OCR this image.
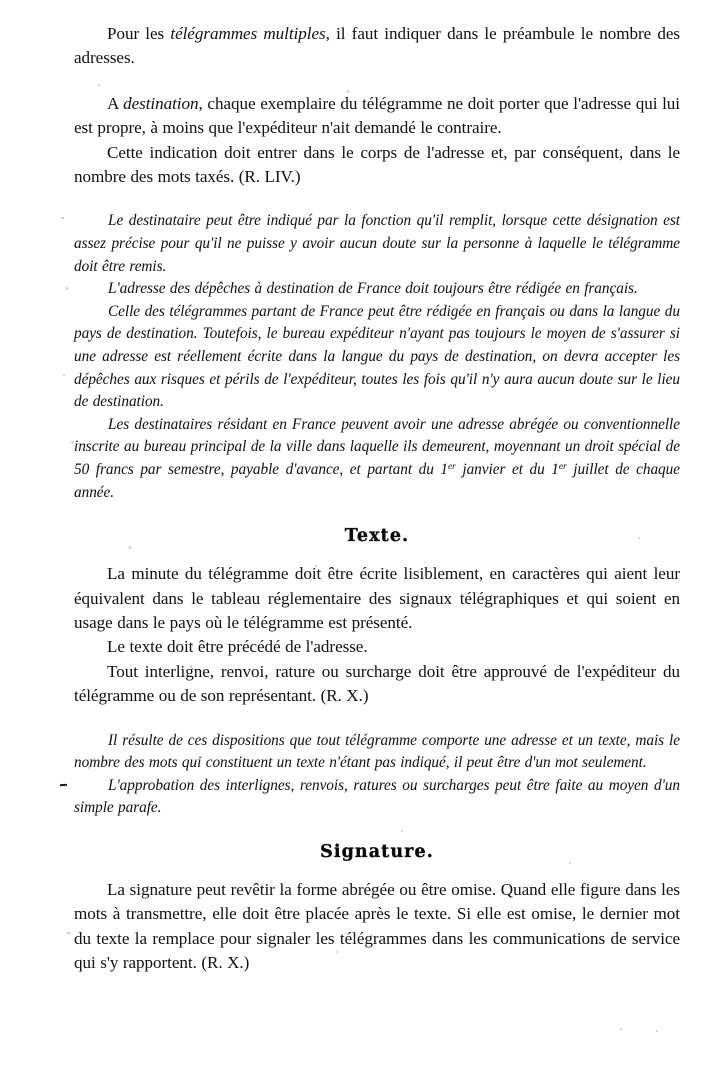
Pour les télégrammes multiples, il faut indiquer dans le préambule le nombre des adresses.

A destination, chaque exemplaire du télégramme ne doit porter que l'adresse qui lui est propre, à moins que l'expéditeur n'ait demandé le contraire.

Cette indication doit entrer dans le corps de l'adresse et, par conséquent, dans le nombre des mots taxés. (R. LIV.)

Le destinataire peut être indiqué par la fonction qu'il remplit, lorsque cette désignation est assez précise pour qu'il ne puisse y avoir aucun doute sur la personne à laquelle le télégramme doit être remis.

L'adresse des dépêches à destination de France doit toujours être rédigée en français.

Celle des télégrammes partant de France peut être rédigée en français ou dans la langue du pays de destination. Toutefois, le bureau expéditeur n'ayant pas toujours le moyen de s'assurer si une adresse est réellement écrite dans la langue du pays de destination, on devra accepter les dépêches aux risques et périls de l'expéditeur, toutes les fois qu'il n'y aura aucun doute sur le lieu de destination.

Les destinataires résidant en France peuvent avoir une adresse abrégée ou conventionnelle inscrite au bureau principal de la ville dans laquelle ils demeurent, moyennant un droit spécial de 50 francs par semestre, payable d'avance, et partant du 1er janvier et du 1er juillet de chaque année.

Texte.

La minute du télégramme doit être écrite lisiblement, en caractères qui aient leur équivalent dans le tableau réglementaire des signaux télégraphiques et qui soient en usage dans le pays où le télégramme est présenté.

Le texte doit être précédé de l'adresse.

Tout interligne, renvoi, rature ou surcharge doit être approuvé de l'expéditeur du télégramme ou de son représentant. (R. X.)

Il résulte de ces dispositions que tout télégramme comporte une adresse et un texte, mais le nombre des mots qui constituent un texte n'étant pas indiqué, il peut être d'un mot seulement.

L'approbation des interlignes, renvois, ratures ou surcharges peut être faite au moyen d'un simple parafe.

Signature.

La signature peut revêtir la forme abrégée ou être omise. Quand elle figure dans les mots à transmettre, elle doit être placée après le texte. Si elle est omise, le dernier mot du texte la remplace pour signaler les télégrammes dans les communications de service qui s'y rapportent. (R. X.)
